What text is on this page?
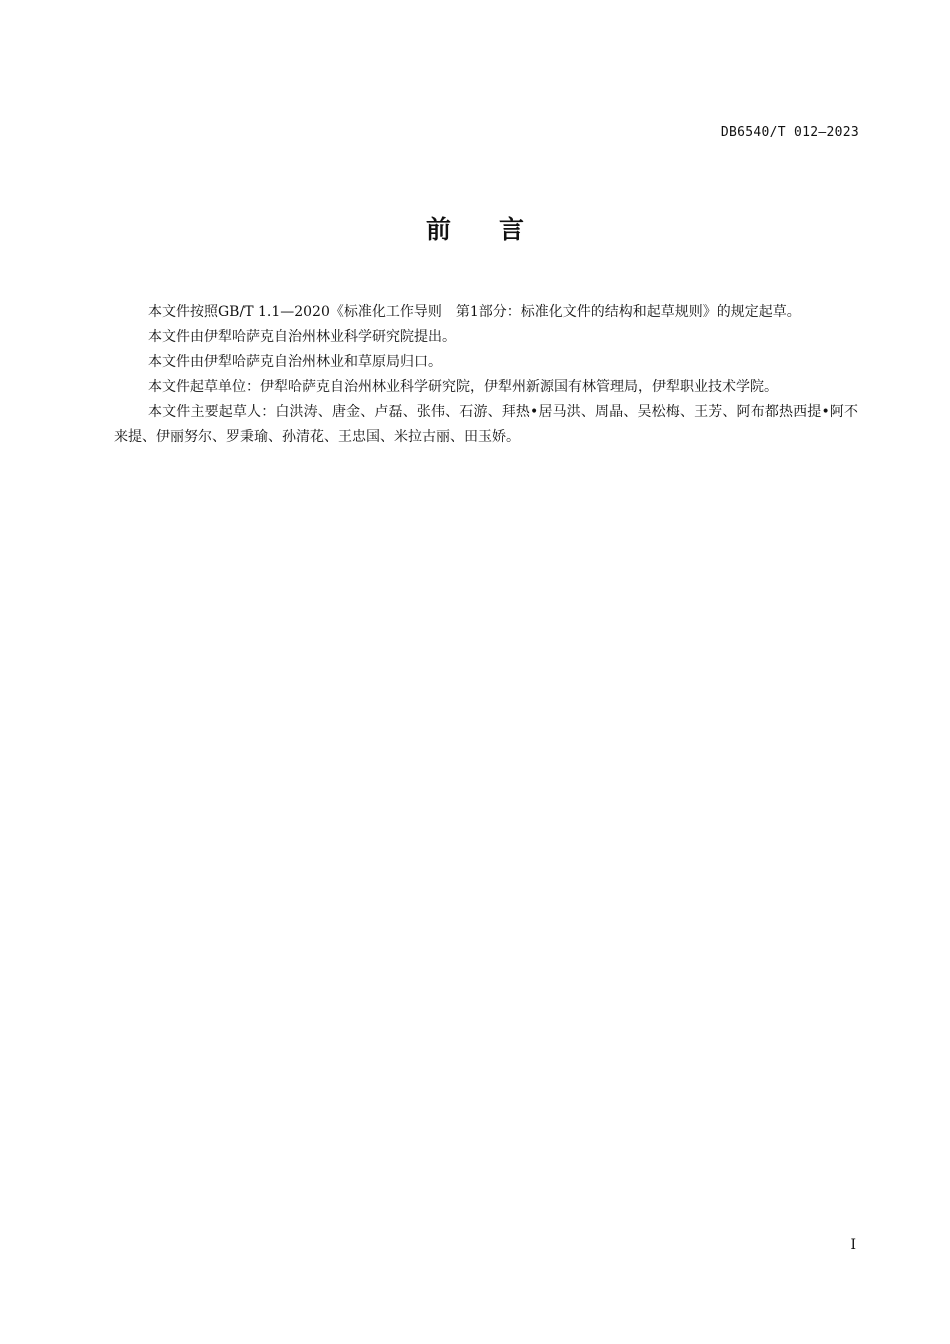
DB6540/T 012—2023
前言

本文件按照GB/T 1.1—2020《标准化工作导则　第1部分：标准化文件的结构和起草规则》的规定起草。

本文件由伊犁哈萨克自治州林业科学研究院提出。

本文件由伊犁哈萨克自治州林业和草原局归口。

本文件起草单位：伊犁哈萨克自治州林业科学研究院，伊犁州新源国有林管理局，伊犁职业技术学院。

本文件主要起草人：白洪涛、唐金、卢磊、张伟、石游、拜热•居马洪、周晶、吴松梅、王芳、阿布都热西提•阿不来提、伊丽努尔、罗秉瑜、孙清花、王忠国、米拉古丽、田玉娇。

I
